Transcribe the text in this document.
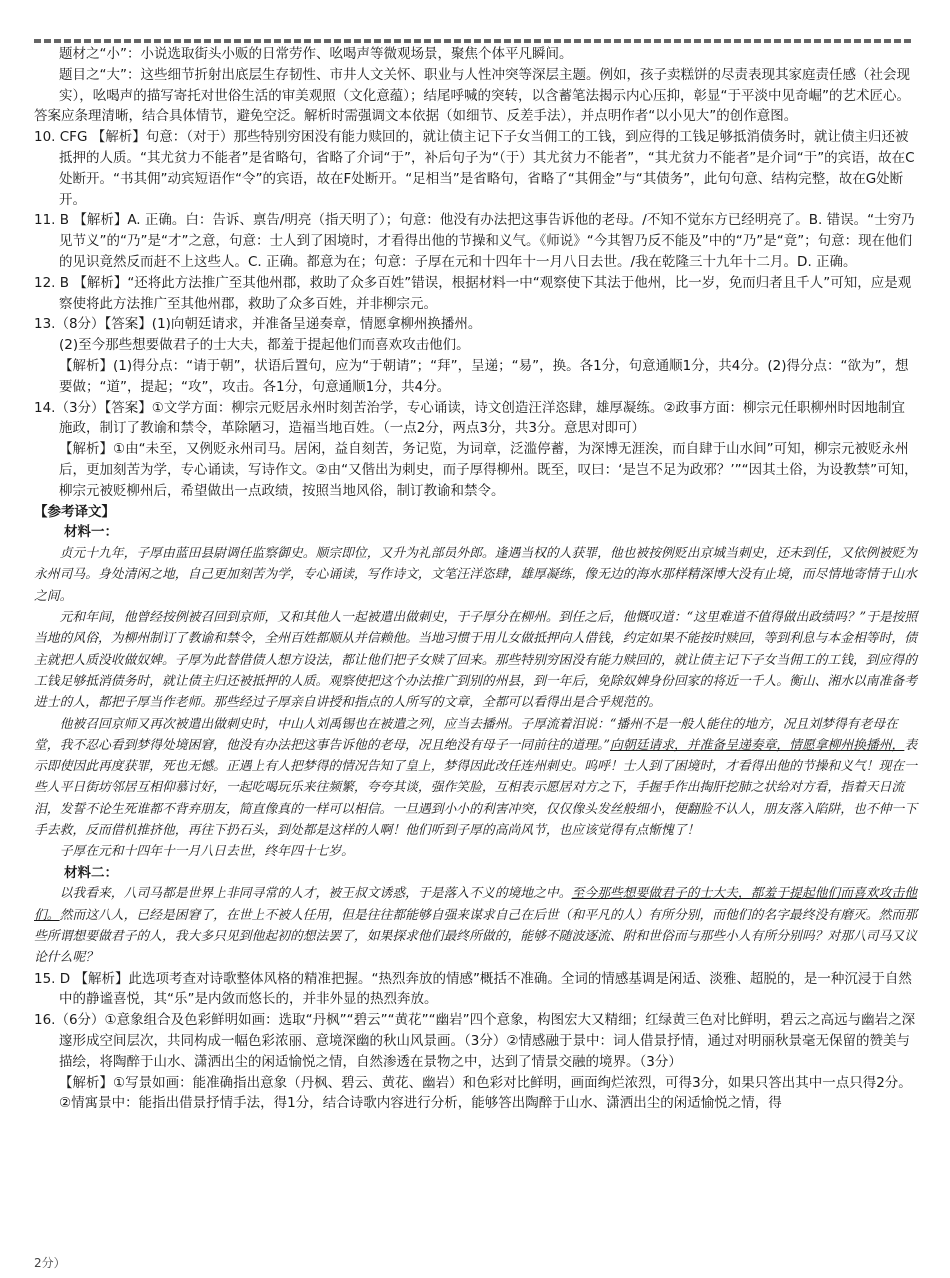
题材之“小”：小说选取街头小贩的日常劳作、吆喝声等微观场景，聚焦个体平凡瞬间。
题目之“大”：这些细节折射出底层生存韧性、市井人文关怀、职业与人性冲突等深层主题。例如，孩子卖糕饼的尽责表现其家庭责任感（社会现实），吆喝声的描写寄托对世俗生活的审美观照（文化意蕴）；结尾呼喊的突转，以含蓄笔法揭示内心压抑，彰显“于平淡中见奇崛”的艺术匠心。
答案应条理清晰，结合具体情节，避免空泛。解析时需强调文本依据（如细节、反差手法），并点明作者“以小见大”的创作意图。
10. CFG 【解析】句意：（对于）那些特别穷困没有能力赎回的，就让债主记下子女当佣工的工钱，到应得的工钱足够抵消债务时，就让债主归还被抵押的人质。“其尤贫力不能者”是省略句，省略了介词“于”，补后句子为“（于）其尤贫力不能者”，“其尤贫力不能者”是介词“于”的宾语，故在C处断开。“书其佣”动宾短语作“令”的宾语，故在F处断开。“足相当”是省略句，省略了“其佣金”与“其债务”，此句句意、结构完整，故在G处断开。
11. B 【解析】A. 正确。白：告诉、禀告/明亮（指天明了）；句意：他没有办法把这事告诉他的老母。/不知不觉东方已经明亮了。B. 错误。“士穷乃见节义”的“乃”是“才”之意，句意：士人到了困境时，才看得出他的节操和义气。《师说》“今其智乃反不能及”中的“乃”是“竟”；句意：现在他们的见识竟然反而赶不上这些人。C. 正确。都意为在；句意：子厚在元和十四年十一月八日去世。/我在乾隆三十九年十二月。D. 正确。
12. B 【解析】“还将此方法推广至其他州郡，救助了众多百姓”错误，根据材料一中“观察使下其法于他州，比一岁，免而归者且千人”可知，应是观察使将此方法推广至其他州郡，救助了众多百姓，并非柳宗元。
13.（8分）【答案】(1)向朝廷请求，并准备呈递奏章，情愿拿柳州换播州。
(2)至今那些想要做君子的士大夫，都羞于提起他们而喜欢攻击他们。
【解析】(1)得分点：“请于朝”，状语后置句，应为“于朝请”；“拜”，呈递；“易”，换。各1分，句意通顺1分，共4分。(2)得分点：“欲为”，想要做；“道”，提起；“攻”，攻击。各1分，句意通顺1分，共4分。
14.（3分）【答案】①文学方面：柳宗元贬居永州时刻苦治学，专心诵读，诗文创造汪洋恣肆，雄厚凝练。②政事方面：柳宗元任职柳州时因地制宜施政，制订了教谕和禁令，革除陋习，造福当地百姓。（一点2分，两点3分，共3分。意思对即可）
【解析】①由“未至，又例贬永州司马。居闲，益自刻苦，务记览，为词章，泛滥停蓄，为深博无涯涘，而自肆于山水间”可知，柳宗元被贬永州后，更加刻苦为学，专心诵读，写诗作文。②由“又偕出为刺史，而子厚得柳州。既至，叹曰：‘是岂不足为政邪？’”“因其土俗，为设教禁”可知，柳宗元被贬柳州后，希望做出一点政绩，按照当地风俗，制订教谕和禁令。
【参考译文】
材料一：
贞元十九年，子厚由蓝田县尉调任监察御史。顺宗即位，又升为礼部员外郎。逢遇当权的人获罪，他也被按例贬出京城当刺史，还未到任，又依例被贬为永州司马。身处清闲之地，自己更加刻苦为学，专心诵读，写作诗文，文笔汪洋恣肆，雄厚凝练，像无边的海水那样精深博大没有止境，而尽情地寄情于山水之间。
元和年间，他曾经按例被召回到京师，又和其他人一起被遣出做刺史，于子厚分在柳州。到任之后，他慨叹道：“这里难道不值得做出政绩吗？”于是按照当地的风俗，为柳州制订了教谕和禁令，全州百姓都顺从并信赖他。当地习惯于用儿女做抵押向人借钱，约定如果不能按时赎回，等到利息与本金相等时，债主就把人质没收做奴婢。子厚为此替借债人想方设法，都让他们把子女赎了回来。那些特别穷困没有能力赎回的，就让债主记下子女当佣工的工钱，到应得的工钱足够抵消债务时，就让债主归还被抵押的人质。观察使把这个办法推广到别的州县，到一年后，免除奴婢身份回家的将近一千人。衡山、湘水以南准备考进士的人，都把子厚当作老师。那些经过子厚亲自讲授和指点的人所写的文章，全都可以看得出是合乎规范的。
他被召回京师又再次被遣出做刺史时，中山人刘禹锡也在被遣之列，应当去播州。子厚流着泪说：“播州不是一般人能住的地方，况且刘梦得有老母在堂，我不忍心看到梦得处境困窘，他没有办法把这事告诉他的老母，况且绝没有母子一同前往的道理。”向朝廷请求，并准备呈递奏章，情愿拿柳州换播州，表示即使因此再度获罪，死也无憾。正遇上有人把梦得的情况告知了皇上，梦得因此改任连州刺史。呜呼！士人到了困境时，才看得出他的节操和义气！现在一些人平日街坊邻居互相仰慕讨好，一起吃喝玩乐来往频繁，夸夸其谈，强作笑脸，互相表示愿居对方之下，手握手作出掏肝挖肺之状给对方看，指着天日流泪，发誓不论生死谁都不背弃朋友，简直像真的一样可以相信。一旦遇到小小的利害冲突，仅仅像头发丝般细小，便翻脸不认人，朋友落入陷阱，也不伸一下手去救，反而借机推挤他，再往下扔石头，到处都是这样的人啊！他们听到子厚的高尚风节，也应该觉得有点惭愧了！
子厚在元和十四年十一月八日去世，终年四十七岁。
材料二：
以我看来，八司马都是世界上非同寻常的人才，被王叔文诱惑，于是落入不义的境地之中。至今那些想要做君子的士大夫，都羞于提起他们而喜欢攻击他们。然而这八人，已经是困窘了，在世上不被人任用，但是往往都能够自强来谋求自己在后世（和平凡的人）有所分别，而他们的名字最终没有磨灭。然而那些所谓想要做君子的人，我大多只见到他起初的想法罢了，如果探求他们最终所做的，能够不随波逐流、附和世俗而与那些小人有所分别吗？对那八司马又议论什么呢？
15. D 【解析】此选项考查对诗歌整体风格的精准把握。“热烈奔放的情感”概括不准确。全词的情感基调是闲适、淡雅、超脱的，是一种沉浸于自然中的静谧喜悦，其“乐”是内敛而悠长的，并非外显的热烈奔放。
16.（6分）①意象组合及色彩鲜明如画：选取“丹枫”“碧云”“黄花”“幽岩”四个意象，构图宏大又精细；红绿黄三色对比鲜明，碧云之高远与幽岩之深邃形成空间层次，共同构成一幅色彩浓丽、意境深幽的秋山风景画。（3分）②情感融于景中：词人借景抒情，通过对明丽秋景毫无保留的赞美与描绘，将陶醉于山水、潇洒出尘的闲适愉悦之情，自然渗透在景物之中，达到了情景交融的境界。（3分）
【解析】①写景如画：能准确指出意象（丹枫、碧云、黄花、幽岩）和色彩对比鲜明，画面绚烂浓烈，可得3分，如果只答出其中一点只得2分。②情寓景中：能指出借景抒情手法，得1分，结合诗歌内容进行分析，能够答出陶醉于山水、潇洒出尘的闲适愉悦之情，得
2分）
